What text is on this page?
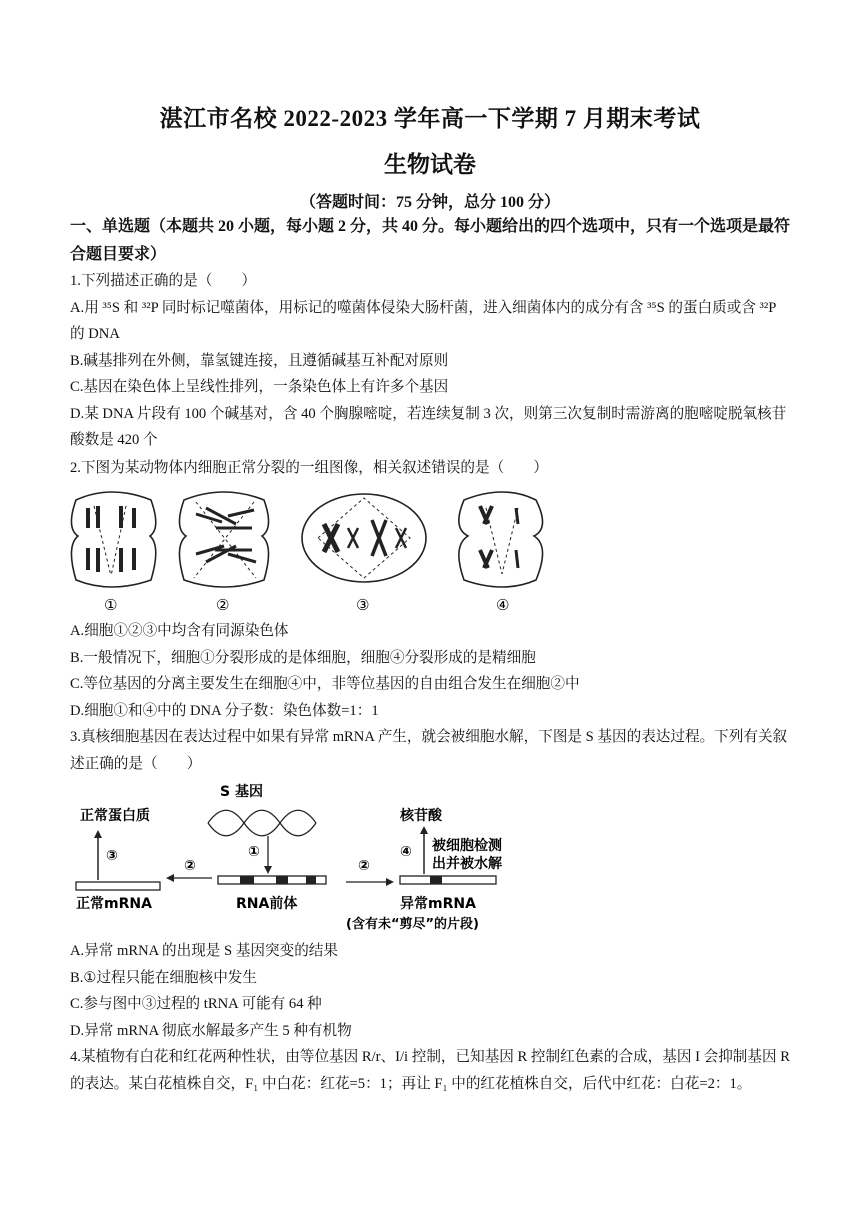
湛江市名校 2022-2023 学年高一下学期 7 月期末考试
生物试卷
（答题时间：75 分钟，总分 100 分）
一、单选题（本题共 20 小题，每小题 2 分，共 40 分。每小题给出的四个选项中，只有一个选项是最符合题目要求）

1.下列描述正确的是（　　）

A.用 ³⁵S 和 ³²P 同时标记噬菌体，用标记的噬菌体侵染大肠杆菌，进入细菌体内的成分有含 ³⁵S 的蛋白质或含 ³²P 的 DNA

B.碱基排列在外侧，靠氢键连接，且遵循碱基互补配对原则

C.基因在染色体上呈线性排列，一条染色体上有许多个基因

D.某 DNA 片段有 100 个碱基对，含 40 个胸腺嘧啶，若连续复制 3 次，则第三次复制时需游离的胞嘧啶脱氧核苷酸数是 420 个

2.下图为某动物体内细胞正常分裂的一组图像，相关叙述错误的是（　　）

①	②	③	④

A.细胞①②③中均含有同源染色体

B.一般情况下，细胞①分裂形成的是体细胞，细胞④分裂形成的是精细胞

C.等位基因的分离主要发生在细胞④中，非等位基因的自由组合发生在细胞②中

D.细胞①和④中的 DNA 分子数：染色体数=1：1

3.真核细胞基因在表达过程中如果有异常 mRNA 产生，就会被细胞水解，下图是 S 基因的表达过程。下列有关叙述正确的是（　　）

S 基因
正常蛋白质
③
正常mRNA
②
①
RNA前体
②
核苷酸
④ 被细胞检测
出并被水解
异常mRNA
(含有未“剪尽”的片段)

A.异常 mRNA 的出现是 S 基因突变的结果

B.①过程只能在细胞核中发生

C.参与图中③过程的 tRNA 可能有 64 种

D.异常 mRNA 彻底水解最多产生 5 种有机物

4.某植物有白花和红花两种性状，由等位基因 R/r、I/i 控制，已知基因 R 控制红色素的合成，基因 I 会抑制基因 R 的表达。某白花植株自交，F₁ 中白花：红花=5：1；再让 F₁ 中的红花植株自交，后代中红花：白花=2：1。
